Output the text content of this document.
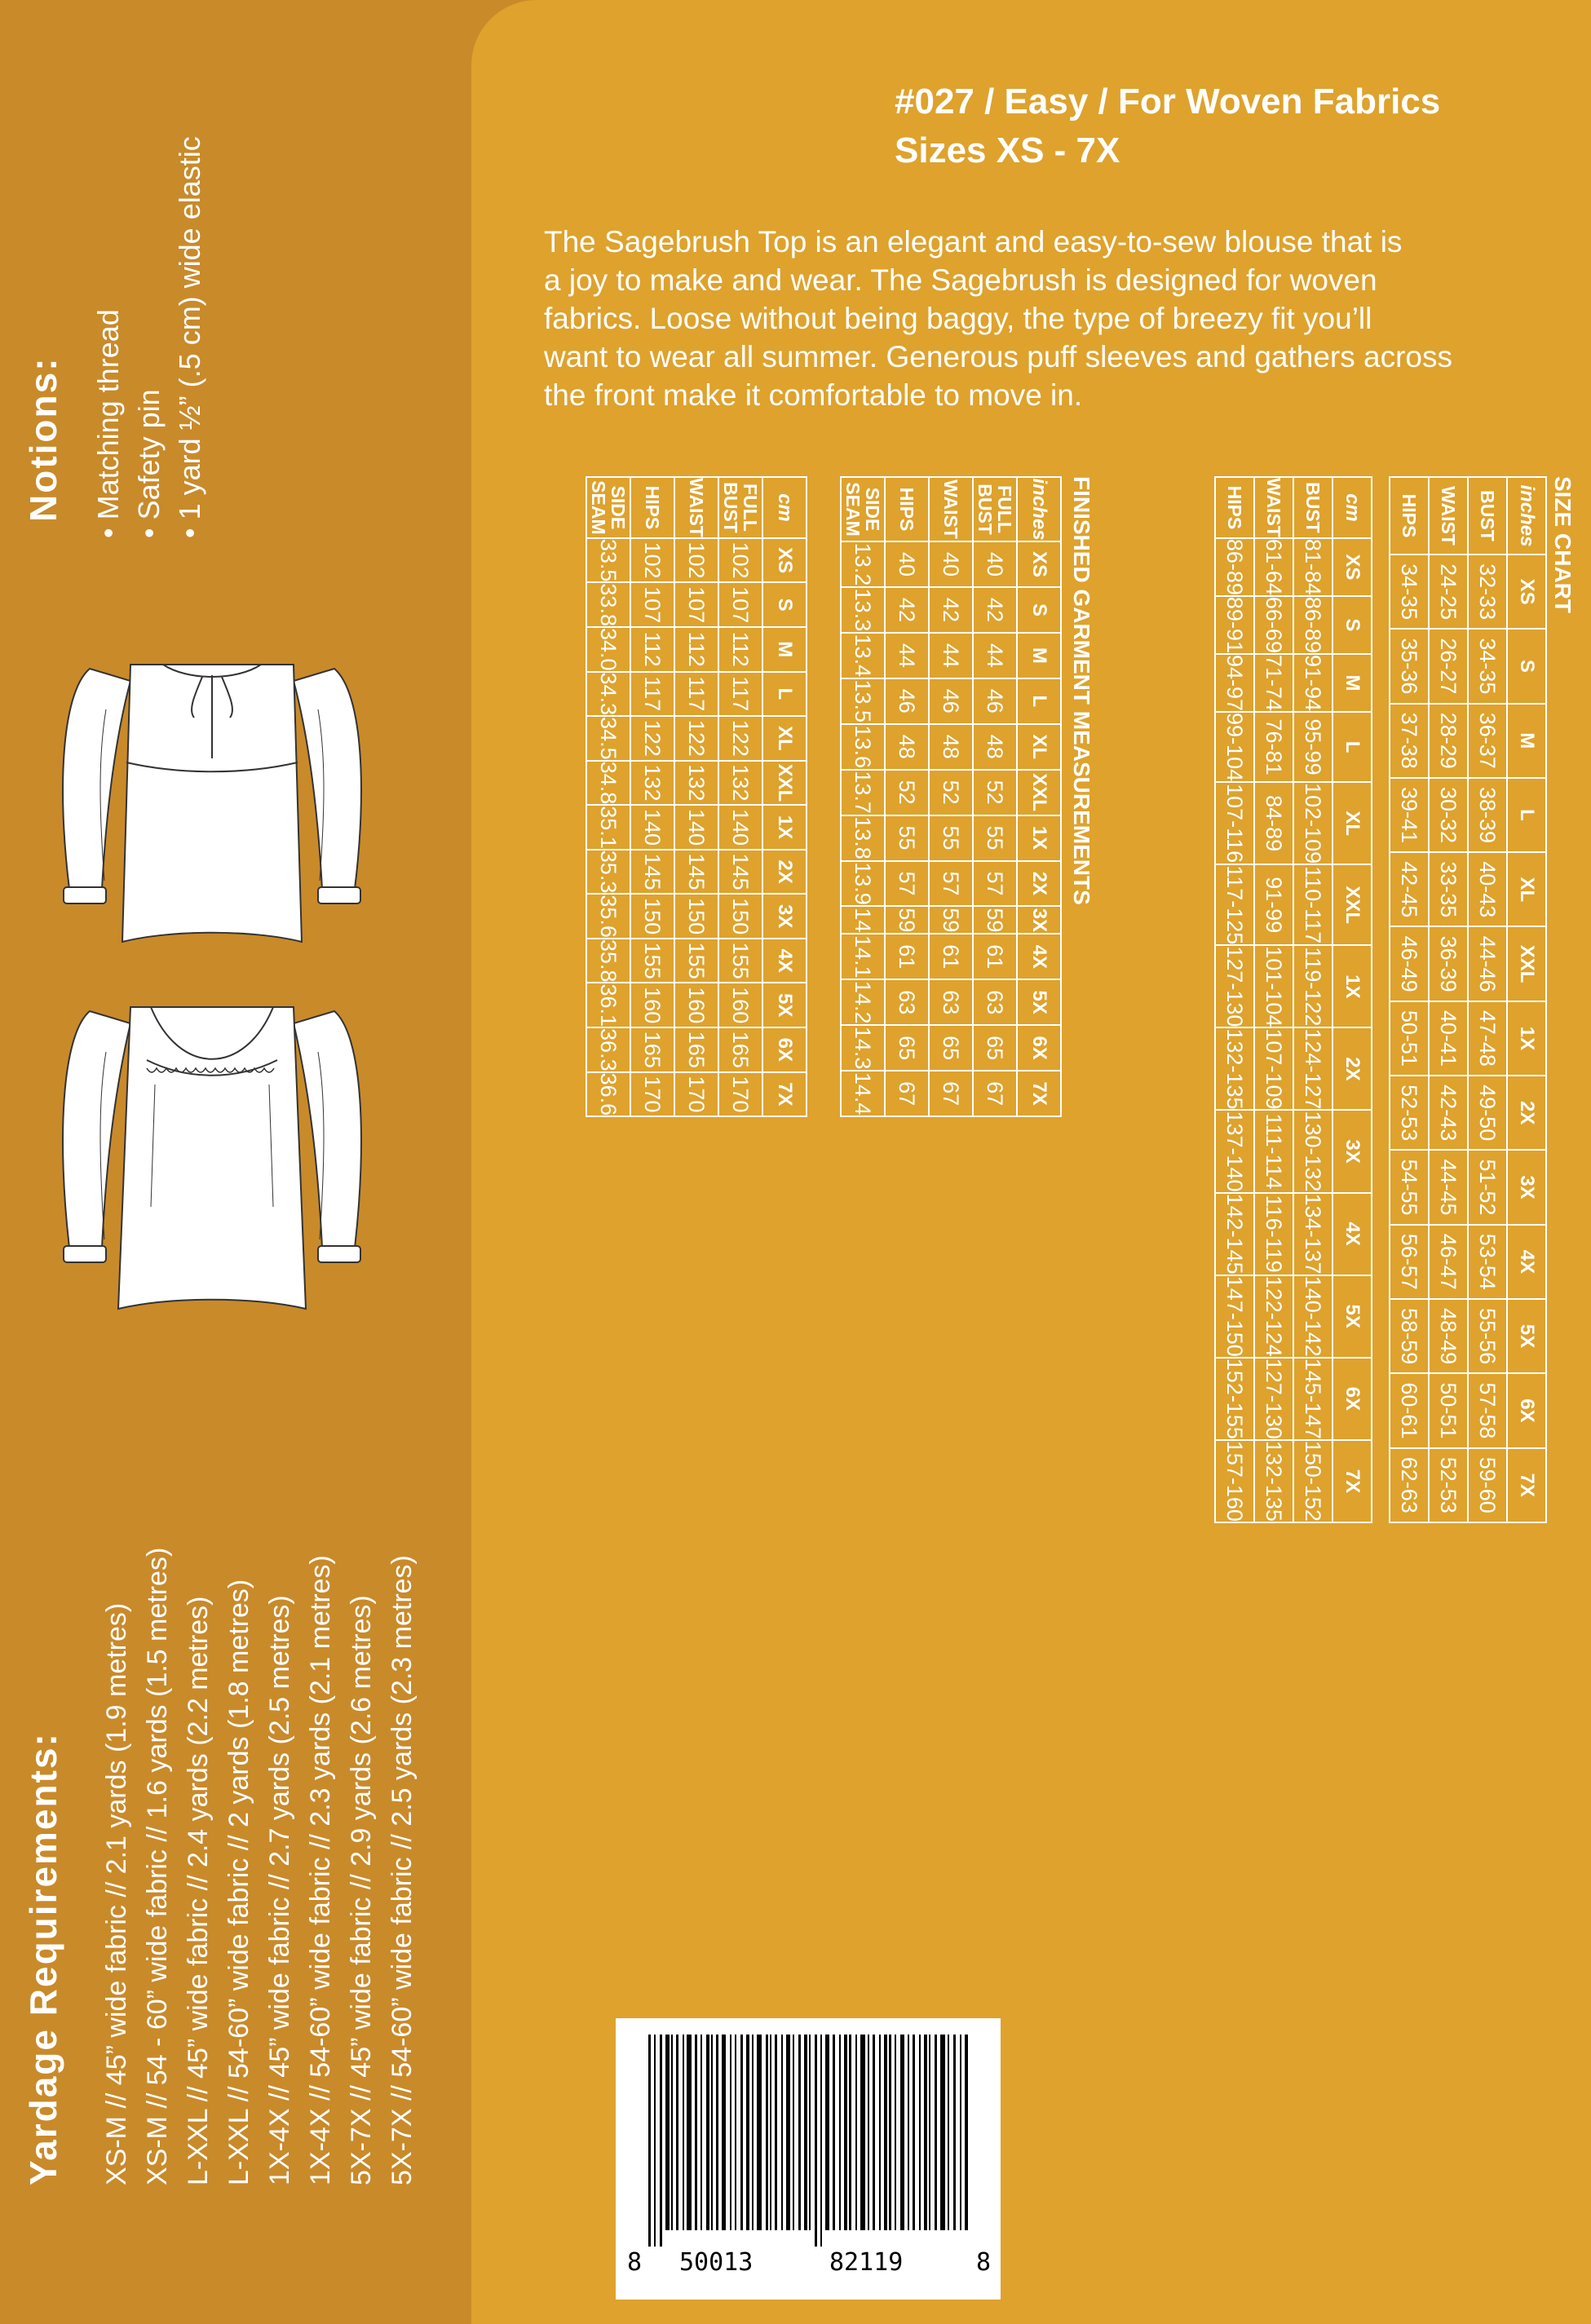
#027 / Easy / For Woven Fabrics
Sizes XS - 7X

The Sagebrush Top is an elegant and easy-to-sew blouse that is

a joy to make and wear. The Sagebrush is designed for woven

fabrics. Loose without being baggy, the type of breezy fit you’ll

want to wear all summer. Generous puff sleeves and gathers across

the front make it comfortable to move in.

Notions: • Matching thread • Safety pin • 1 yard ½” (.5 cm) wide elastic
Yardage Requirements: XS-M // 45” wide fabric // 2.1 yards (1.9 metres) XS-M // 54 - 60” wide fabric // 1.6 yards (1.5 metres) L-XXL // 45” wide fabric // 2.4 yards (2.2 metres) L-XXL // 54-60” wide fabric // 2 yards (1.8 metres) 1X-4X // 45” wide fabric // 2.7 yards (2.5 metres) 1X-4X // 54-60” wide fabric // 2.3 yards (2.1 metres) 5X-7X // 45” wide fabric // 2.9 yards (2.6 metres) 5X-7X // 54-60” wide fabric // 2.5 yards (2.3 metres)
SIZE CHART
inches	XS	S	M	L	XL	XXL	1X	2X	3X	4X	5X	6X	7X
BUST	32-33	34-35	36-37	38-39	40-43	44-46	47-48	49-50	51-52	53-54	55-56	57-58	59-60
WAIST	24-25	26-27	28-29	30-32	33-35	36-39	40-41	42-43	44-45	46-47	48-49	50-51	52-53
HIPS	34-35	35-36	37-38	39-41	42-45	46-49	50-51	52-53	54-55	56-57	58-59	60-61	62-63
cm	XS	S	M	L	XL	XXL	1X	2X	3X	4X	5X	6X	7X
BUST	81-84	86-89	91-94	95-99	102-109	110-117	119-122	124-127	130-132	134-137	140-142	145-147	150-152
WAIST	61-64	66-69	71-74	76-81	84-89	91-99	101-104	107-109	111-114	116-119	122-124	127-130	132-135
HIPS	86-89	89-91	94-97	99-104	107-116	117-125	127-130	132-135	137-140	142-145	147-150	152-155	157-160
FINISHED GARMENT MEASUREMENTS
inches	XS	S	M	L	XL	XXL	1X	2X	3X	4X	5X	6X	7X
FULL
BUST	40	42	44	46	48	52	55	57	59	61	63	65	67
WAIST	40	42	44	46	48	52	55	57	59	61	63	65	67
HIPS	40	42	44	46	48	52	55	57	59	61	63	65	67
SIDE
SEAM	13.2	13.3	13.4	13.5	13.6	13.7	13.8	13.9	14	14.1	14.2	14.3	14.4
cm	XS	S	M	L	XL	XXL	1X	2X	3X	4X	5X	6X	7X
FULL
BUST	102	107	112	117	122	132	140	145	150	155	160	165	170
WAIST	102	107	112	117	122	132	140	145	150	155	160	165	170
HIPS	102	107	112	117	122	132	140	145	150	155	160	165	170
SIDE
SEAM	33.5	33.8	34.0	34.3	34.5	34.8	35.1	35.3	35.6	35.8	36.1	36.3	36.6
8 50013	82119	8
